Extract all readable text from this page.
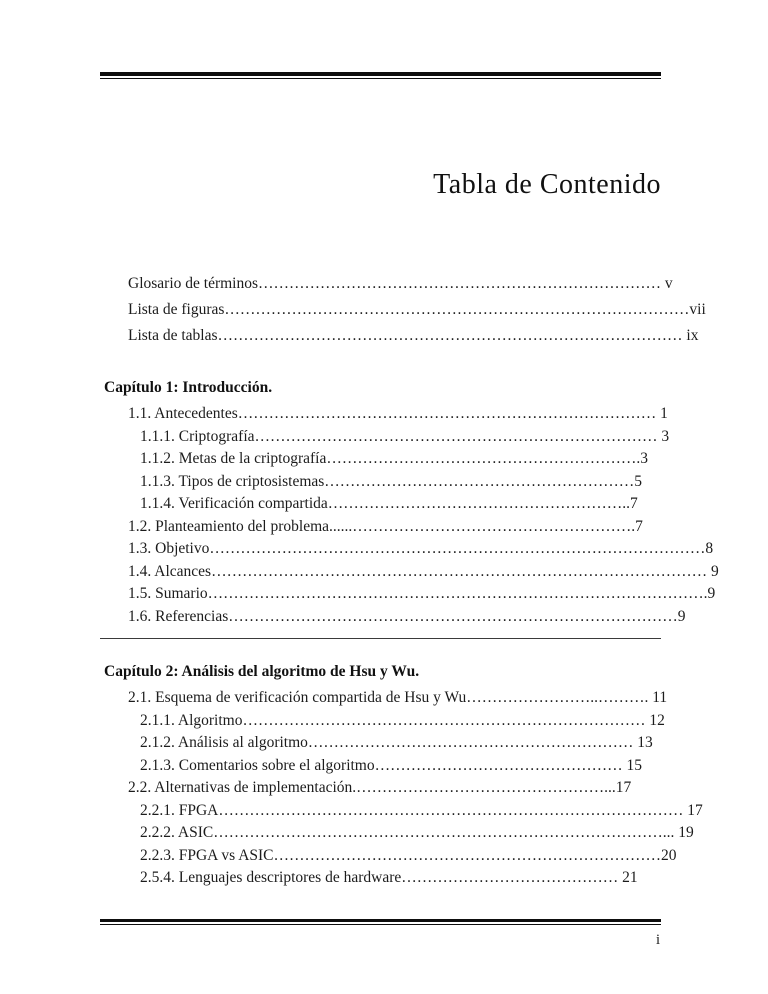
Tabla de Contenido
Glosario de términos…………………………………………………………………… v
Lista de figuras………………………………………………………………………………vii
Lista de tablas……………………………………………………………………………… ix
Capítulo 1: Introducción.
1.1. Antecedentes……………………………………………………………………… 1
1.1.1. Criptografía…………………………………………………………………… 3
1.1.2. Metas de la criptografía…………………………………………………….3
1.1.3. Tipos de criptosistemas……………………………………………………5
1.1.4. Verificación compartida…………………………………………………..7
1.2. Planteamiento del problema......……………………………………………….7
1.3. Objetivo……………………………………………………………………………………8
1.4. Alcances…………………………………………………………………………………… 9
1.5. Sumario…………………………………………………………………………………….9
1.6. Referencias……………………………………………………………………………9
Capítulo 2: Análisis del algoritmo de Hsu y Wu.
2.1. Esquema de verificación compartida de Hsu y Wu……………………..………. 11
2.1.1. Algoritmo…………………………………………………………………… 12
2.1.2. Análisis al algoritmo……………………………………………………… 13
2.1.3. Comentarios sobre el algoritmo………………………………………… 15
2.2. Alternativas de implementación.…………………………………………...17
2.2.1. FPGA……………………………………………………………………………… 17
2.2.2. ASIC……………………………………………………………………………... 19
2.2.3. FPGA vs ASIC…………………………………………………………………20
2.5.4. Lenguajes descriptores de hardware…………………………………… 21
i
